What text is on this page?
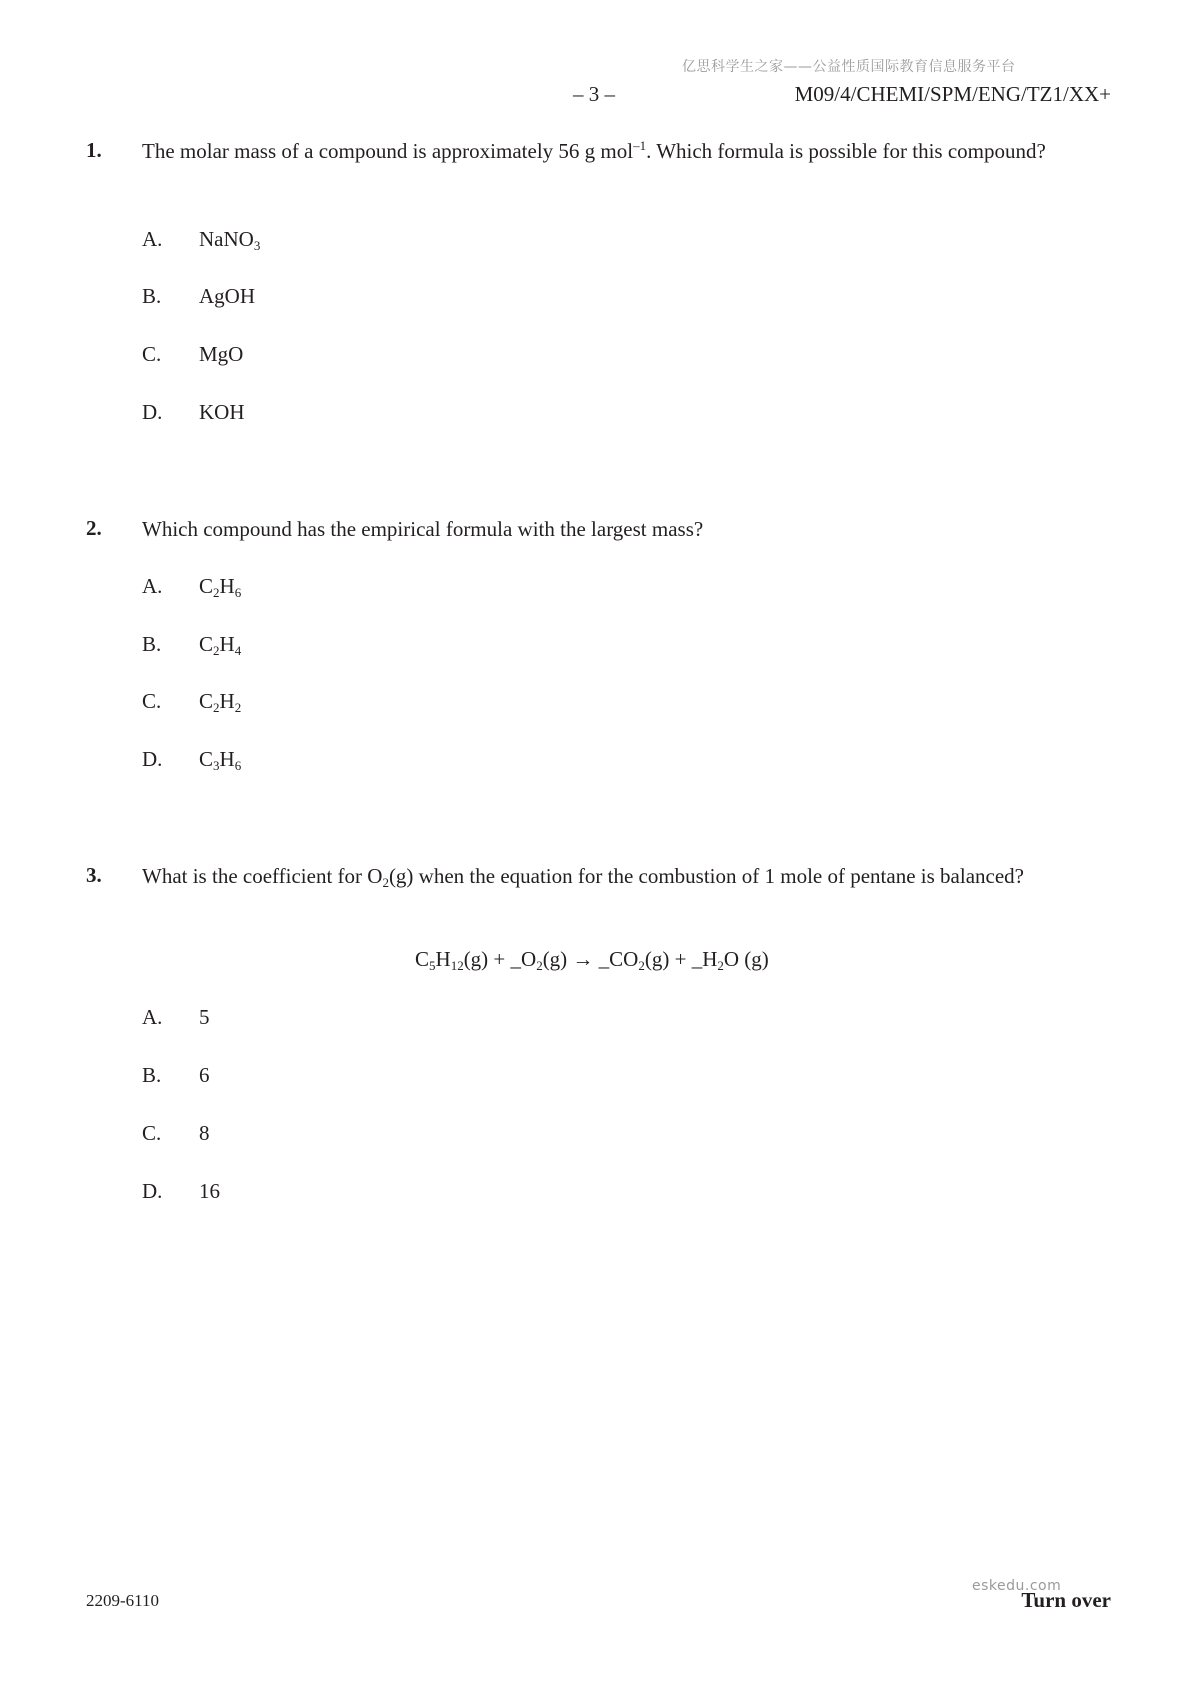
亿思科学生之家——公益性质国际教育信息服务平台
– 3 –	M09/4/CHEMI/SPM/ENG/TZ1/XX+
1. The molar mass of a compound is approximately 56 g mol$^{-1}$. Which formula is possible for this compound?
A. NaNO$_3$
B. AgOH
C. MgO
D. KOH
2. Which compound has the empirical formula with the largest mass?
A. $C_2H_6$
B. $C_2H_4$
C. $C_2H_2$
D. $C_3H_6$
3. What is the coefficient for $O_2(g)$ when the equation for the combustion of 1 mole of pentane is balanced?
$C_5H_{12}(g)$ + $\_O_2(g)$ → $\_CO_2(g)$ + $\_H_2O$ (g)
A. 5
B. 6
C. 8
D. 16
2209-6110
eskedu.com
Turn over
